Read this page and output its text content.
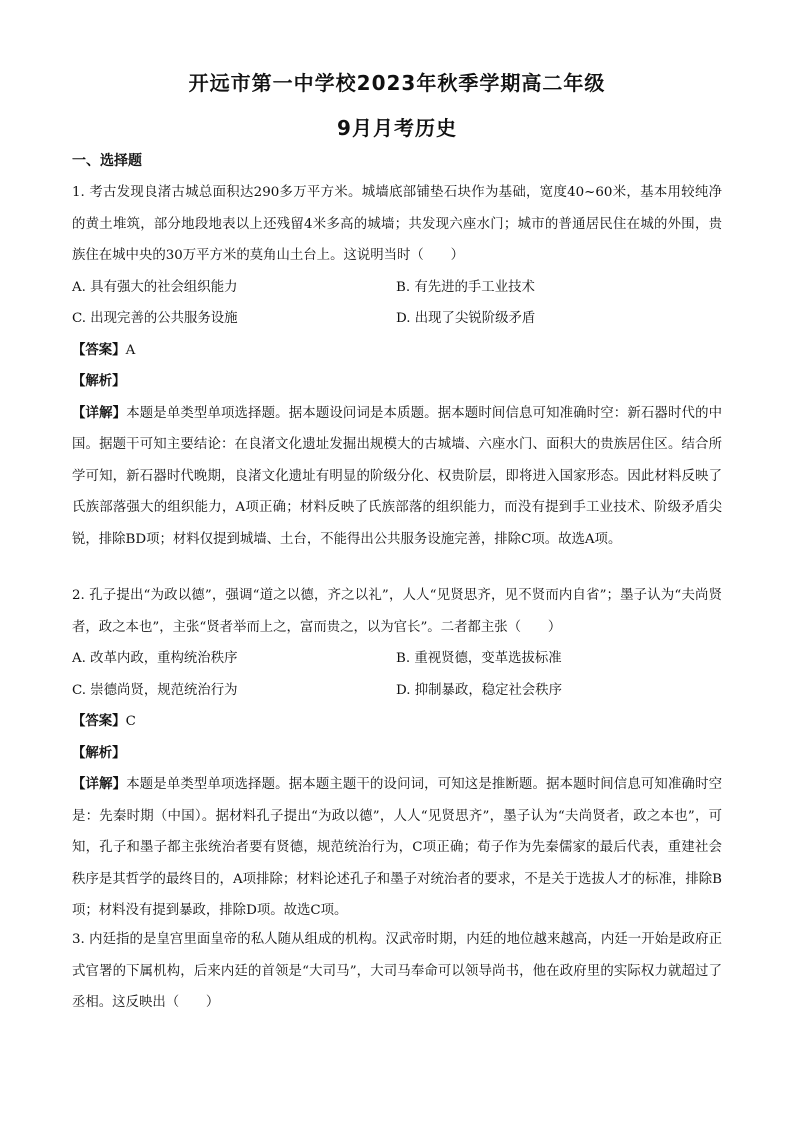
开远市第一中学校2023年秋季学期高二年级
9月月考历史
一、选择题

1. 考古发现良渚古城总面积达290多万平方米。城墙底部铺垫石块作为基础，宽度40~60米，基本用较纯净的黄土堆筑，部分地段地表以上还残留4米多高的城墙；共发现六座水门；城市的普通居民住在城的外围，贵族住在城中央的30万平方米的莫角山土台上。这说明当时（　　）

A. 具有强大的社会组织能力	B. 有先进的手工业技术
C. 出现完善的公共服务设施	D. 出现了尖锐阶级矛盾
【答案】A
【解析】

【详解】本题是单类型单项选择题。据本题设问词是本质题。据本题时间信息可知准确时空：新石器时代的中国。据题干可知主要结论：在良渚文化遗址发掘出规模大的古城墙、六座水门、面积大的贵族居住区。结合所学可知，新石器时代晚期，良渚文化遗址有明显的阶级分化、权贵阶层，即将进入国家形态。因此材料反映了氏族部落强大的组织能力，A项正确；材料反映了氏族部落的组织能力，而没有提到手工业技术、阶级矛盾尖锐，排除BD项；材料仅提到城墙、土台，不能得出公共服务设施完善，排除C项。故选A项。

2. 孔子提出“为政以德”，强调“道之以德，齐之以礼”，人人“见贤思齐，见不贤而内自省”；墨子认为“夫尚贤者，政之本也”，主张“贤者举而上之，富而贵之，以为官长”。二者都主张（　　）

A. 改革内政，重构统治秩序	B. 重视贤德，变革选拔标准
C. 崇德尚贤，规范统治行为	D. 抑制暴政，稳定社会秩序
【答案】C
【解析】

【详解】本题是单类型单项选择题。据本题主题干的设问词，可知这是推断题。据本题时间信息可知准确时空是：先秦时期（中国）。据材料孔子提出“为政以德”，人人“见贤思齐”，墨子认为“夫尚贤者，政之本也”，可知，孔子和墨子都主张统治者要有贤德，规范统治行为，C项正确；荀子作为先秦儒家的最后代表，重建社会秩序是其哲学的最终目的，A项排除；材料论述孔子和墨子对统治者的要求，不是关于选拔人才的标准，排除B项；材料没有提到暴政，排除D项。故选C项。

3. 内廷指的是皇宫里面皇帝的私人随从组成的机构。汉武帝时期，内廷的地位越来越高，内廷一开始是政府正式官署的下属机构，后来内廷的首领是“大司马”，大司马奉命可以领导尚书，他在政府里的实际权力就超过了丞相。这反映出（　　）
